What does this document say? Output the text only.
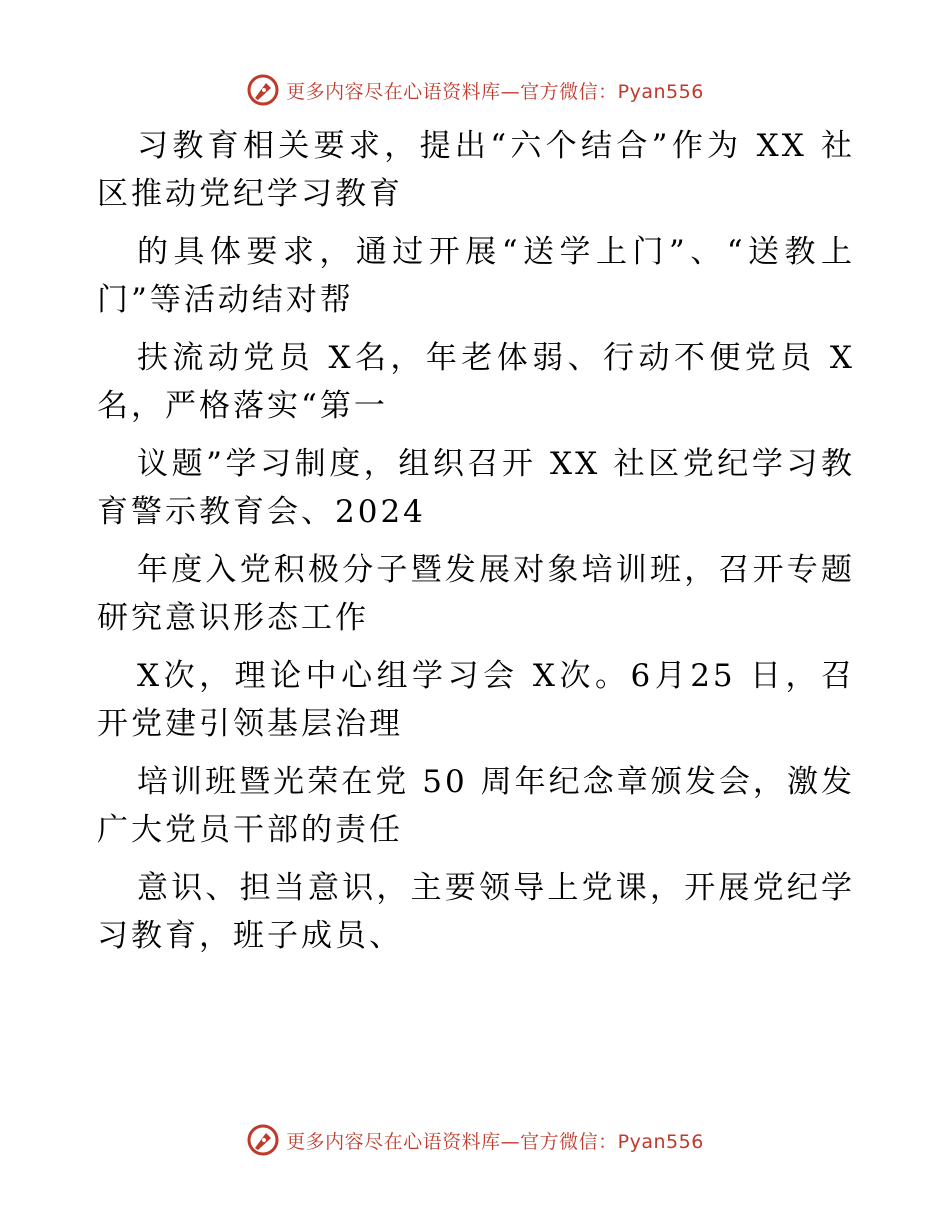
更多内容尽在心语资料库—官方微信：Pyan556

习教育相关要求，提出“六个结合”作为 XX 社区推动党纪学习教育

的具体要求，通过开展“送学上门”、“送教上门”等活动结对帮

扶流动党员 X名，年老体弱、行动不便党员 X名，严格落实“第一

议题”学习制度，组织召开 XX 社区党纪学习教育警示教育会、2024

年度入党积极分子暨发展对象培训班，召开专题研究意识形态工作

X次，理论中心组学习会 X次。6月25 日，召开党建引领基层治理

培训班暨光荣在党 50 周年纪念章颁发会，激发广大党员干部的责任

意识、担当意识，主要领导上党课，开展党纪学习教育，班子成员、

更多内容尽在心语资料库—官方微信：Pyan556
